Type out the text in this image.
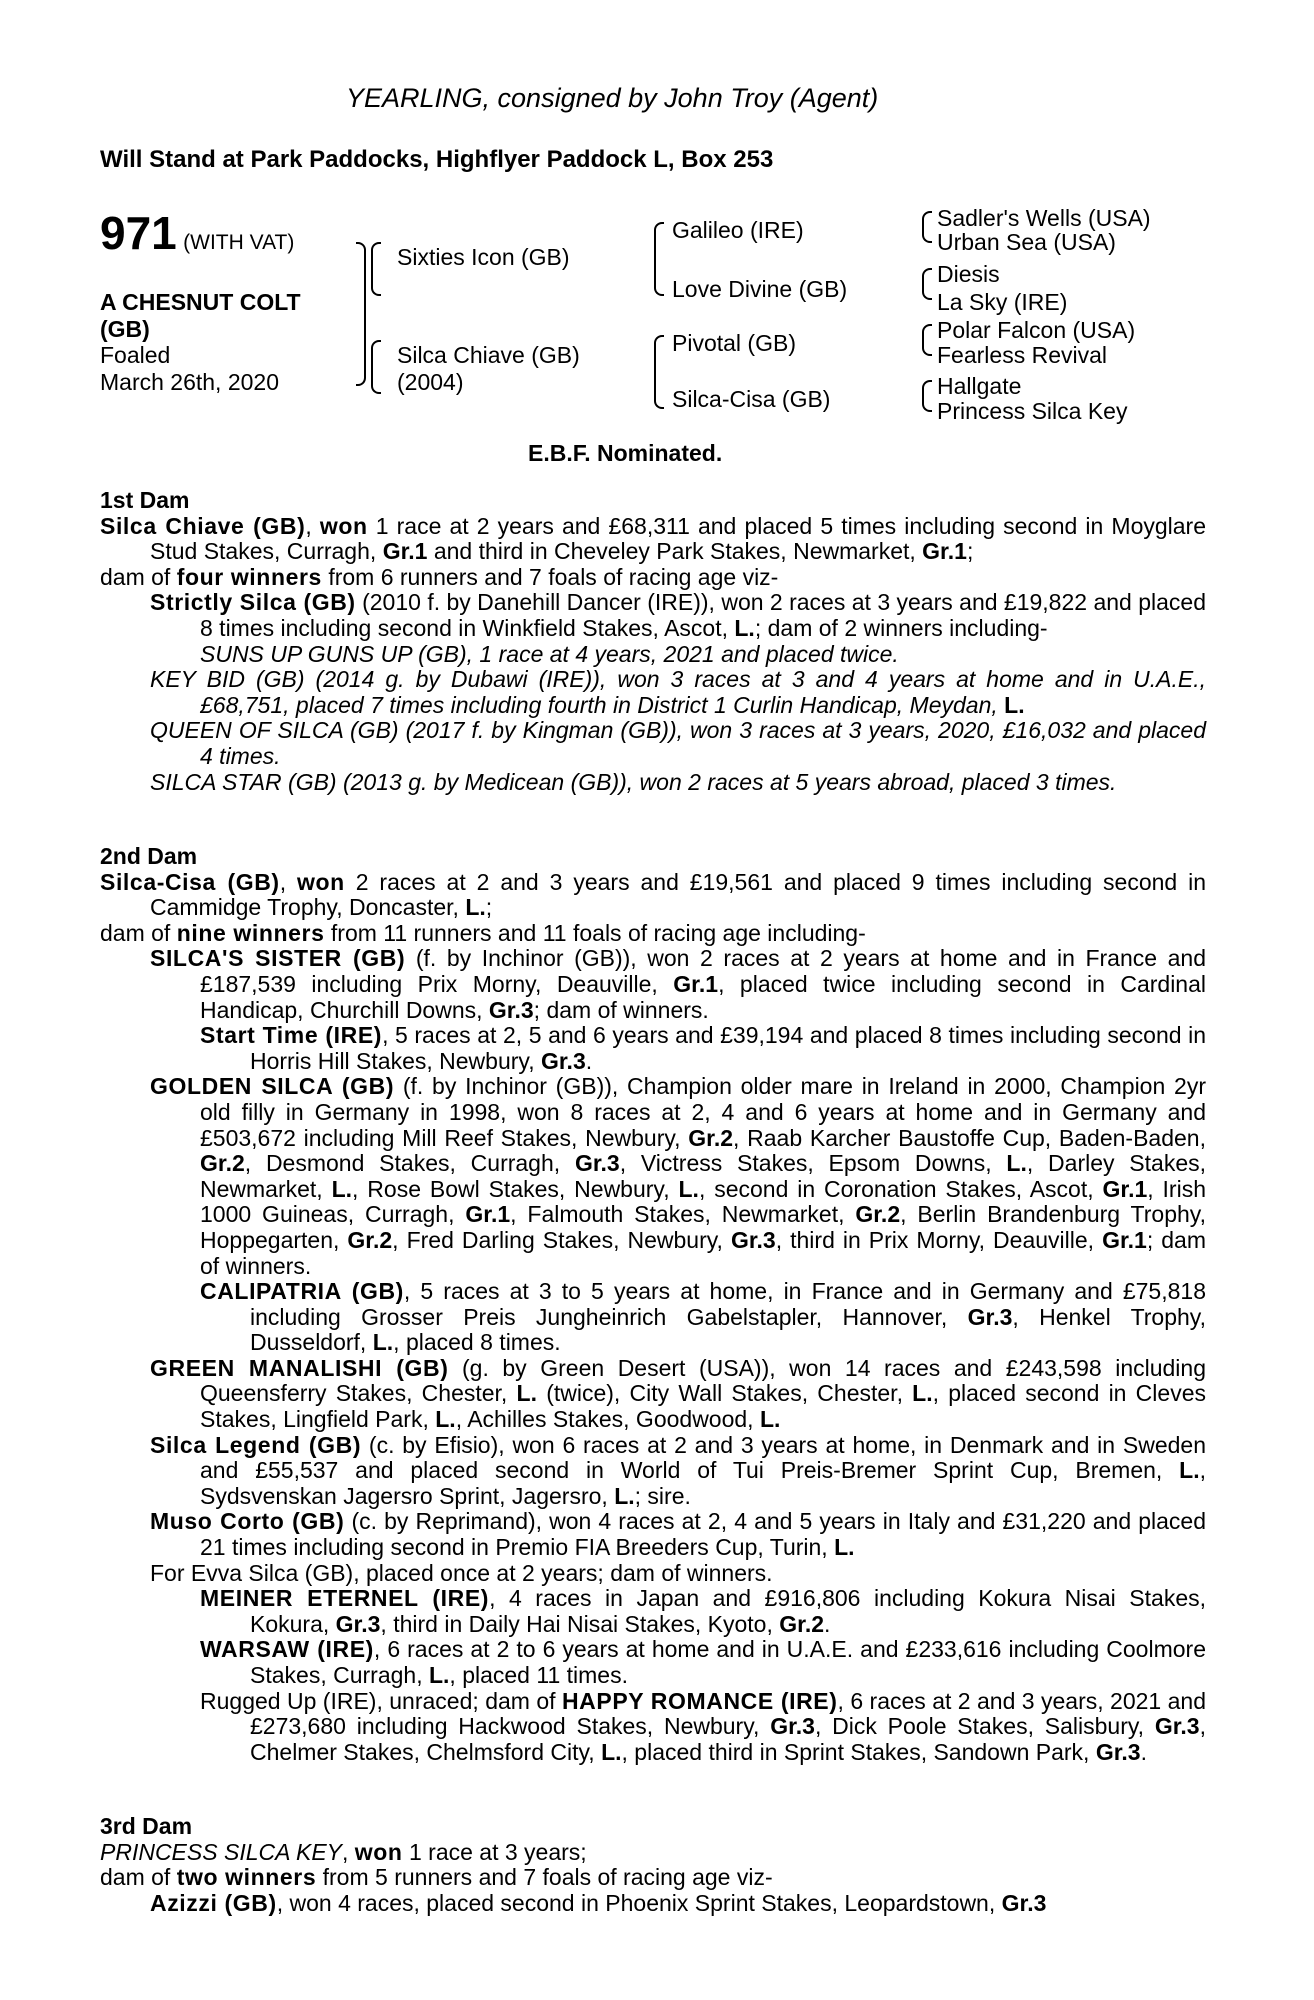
YEARLING, consigned by John Troy (Agent)
Will Stand at Park Paddocks, Highflyer Paddock L, Box 253
971 (WITH VAT)
A CHESNUT COLT
(GB)
Foaled
March 26th, 2020
Sixties Icon (GB)
Silca Chiave (GB)
(2004)
Galileo (IRE)
Love Divine (GB)
Pivotal (GB)
Silca-Cisa (GB)
Sadler's Wells (USA)
Urban Sea (USA)
Diesis
La Sky (IRE)
Polar Falcon (USA)
Fearless Revival
Hallgate
Princess Silca Key
E.B.F. Nominated.

1st Dam

Silca Chiave (GB), won 1 race at 2 years and £68,311 and placed 5 times including second in Moyglare Stud Stakes, Curragh, Gr.1 and third in Cheveley Park Stakes, Newmarket, Gr.1;

dam of four winners from 6 runners and 7 foals of racing age viz-

Strictly Silca (GB) (2010 f. by Danehill Dancer (IRE)), won 2 races at 3 years and £19,822 and placed 8 times including second in Winkfield Stakes, Ascot, L.; dam of 2 winners including-

SUNS UP GUNS UP (GB), 1 race at 4 years, 2021 and placed twice.

KEY BID (GB) (2014 g. by Dubawi (IRE)), won 3 races at 3 and 4 years at home and in U.A.E., £68,751, placed 7 times including fourth in District 1 Curlin Handicap, Meydan, L.

QUEEN OF SILCA (GB) (2017 f. by Kingman (GB)), won 3 races at 3 years, 2020, £16,032 and placed 4 times.

SILCA STAR (GB) (2013 g. by Medicean (GB)), won 2 races at 5 years abroad, placed 3 times.

2nd Dam

Silca-Cisa (GB), won 2 races at 2 and 3 years and £19,561 and placed 9 times including second in Cammidge Trophy, Doncaster, L.;

dam of nine winners from 11 runners and 11 foals of racing age including-

SILCA'S SISTER (GB) (f. by Inchinor (GB)), won 2 races at 2 years at home and in France and £187,539 including Prix Morny, Deauville, Gr.1, placed twice including second in Cardinal Handicap, Churchill Downs, Gr.3; dam of winners.

Start Time (IRE), 5 races at 2, 5 and 6 years and £39,194 and placed 8 times including second in Horris Hill Stakes, Newbury, Gr.3.

GOLDEN SILCA (GB) (f. by Inchinor (GB)), Champion older mare in Ireland in 2000, Champion 2yr old filly in Germany in 1998, won 8 races at 2, 4 and 6 years at home and in Germany and £503,672 including Mill Reef Stakes, Newbury, Gr.2, Raab Karcher Baustoffe Cup, Baden-Baden, Gr.2, Desmond Stakes, Curragh, Gr.3, Victress Stakes, Epsom Downs, L., Darley Stakes, Newmarket, L., Rose Bowl Stakes, Newbury, L., second in Coronation Stakes, Ascot, Gr.1, Irish 1000 Guineas, Curragh, Gr.1, Falmouth Stakes, Newmarket, Gr.2, Berlin Brandenburg Trophy, Hoppegarten, Gr.2, Fred Darling Stakes, Newbury, Gr.3, third in Prix Morny, Deauville, Gr.1; dam of winners.

CALIPATRIA (GB), 5 races at 3 to 5 years at home, in France and in Germany and £75,818 including Grosser Preis Jungheinrich Gabelstapler, Hannover, Gr.3, Henkel Trophy, Dusseldorf, L., placed 8 times.

GREEN MANALISHI (GB) (g. by Green Desert (USA)), won 14 races and £243,598 including Queensferry Stakes, Chester, L. (twice), City Wall Stakes, Chester, L., placed second in Cleves Stakes, Lingfield Park, L., Achilles Stakes, Goodwood, L.

Silca Legend (GB) (c. by Efisio), won 6 races at 2 and 3 years at home, in Denmark and in Sweden and £55,537 and placed second in World of Tui Preis-Bremer Sprint Cup, Bremen, L., Sydsvenskan Jagersro Sprint, Jagersro, L.; sire.

Muso Corto (GB) (c. by Reprimand), won 4 races at 2, 4 and 5 years in Italy and £31,220 and placed 21 times including second in Premio FIA Breeders Cup, Turin, L.

For Evva Silca (GB), placed once at 2 years; dam of winners.

MEINER ETERNEL (IRE), 4 races in Japan and £916,806 including Kokura Nisai Stakes, Kokura, Gr.3, third in Daily Hai Nisai Stakes, Kyoto, Gr.2.

WARSAW (IRE), 6 races at 2 to 6 years at home and in U.A.E. and £233,616 including Coolmore Stakes, Curragh, L., placed 11 times.

Rugged Up (IRE), unraced; dam of HAPPY ROMANCE (IRE), 6 races at 2 and 3 years, 2021 and £273,680 including Hackwood Stakes, Newbury, Gr.3, Dick Poole Stakes, Salisbury, Gr.3, Chelmer Stakes, Chelmsford City, L., placed third in Sprint Stakes, Sandown Park, Gr.3.

3rd Dam

PRINCESS SILCA KEY, won 1 race at 3 years;

dam of two winners from 5 runners and 7 foals of racing age viz-

Azizzi (GB), won 4 races, placed second in Phoenix Sprint Stakes, Leopardstown, Gr.3
